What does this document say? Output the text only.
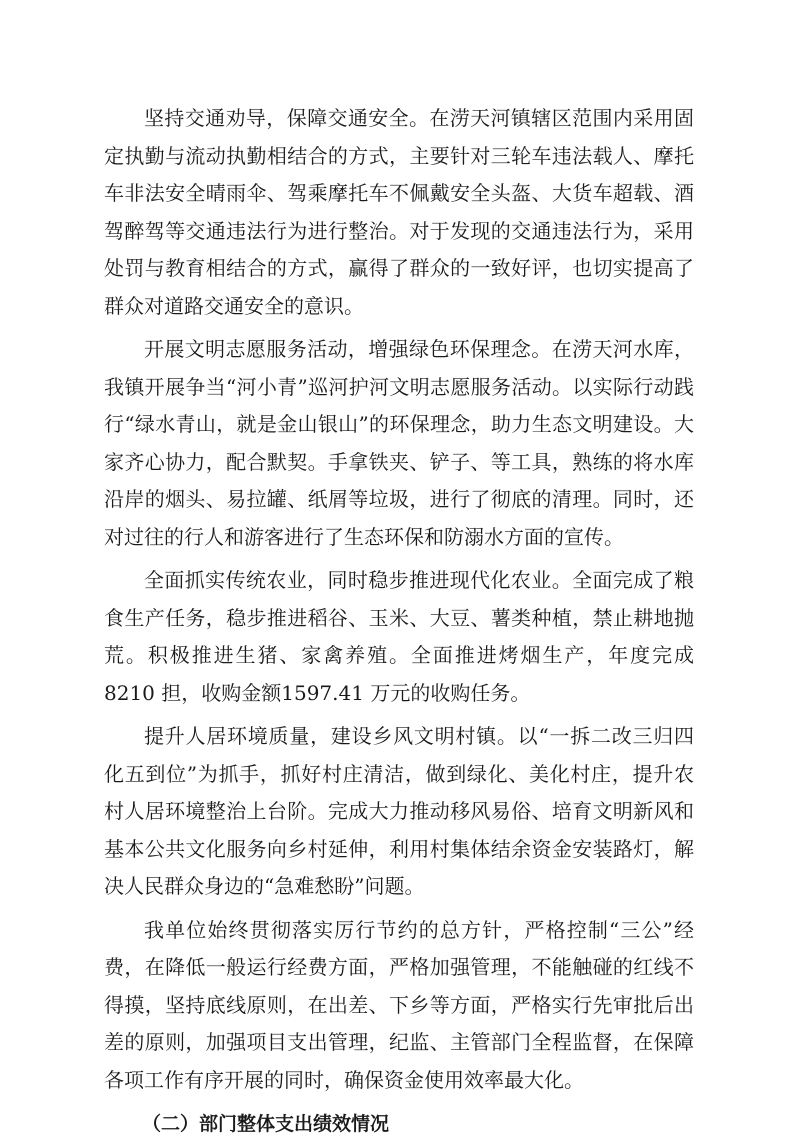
坚持交通劝导，保障交通安全。在涝天河镇辖区范围内采用固定执勤与流动执勤相结合的方式，主要针对三轮车违法载人、摩托车非法安全晴雨伞、驾乘摩托车不佩戴安全头盔、大货车超载、酒驾醉驾等交通违法行为进行整治。对于发现的交通违法行为，采用处罚与教育相结合的方式，赢得了群众的一致好评，也切实提高了群众对道路交通安全的意识。

开展文明志愿服务活动，增强绿色环保理念。在涝天河水库，我镇开展争当“河小青”巡河护河文明志愿服务活动。以实际行动践行“绿水青山，就是金山银山”的环保理念，助力生态文明建设。大家齐心协力，配合默契。手拿铁夹、铲子、等工具，熟练的将水库沿岸的烟头、易拉罐、纸屑等垃圾，进行了彻底的清理。同时，还对过往的行人和游客进行了生态环保和防溺水方面的宣传。

全面抓实传统农业，同时稳步推进现代化农业。全面完成了粮食生产任务，稳步推进稻谷、玉米、大豆、薯类种植，禁止耕地抛荒。积极推进生猪、家禽养殖。全面推进烤烟生产，年度完成 8210 担，收购金额1597.41 万元的收购任务。

提升人居环境质量，建设乡风文明村镇。以“一拆二改三归四化五到位”为抓手，抓好村庄清洁，做到绿化、美化村庄，提升农村人居环境整治上台阶。完成大力推动移风易俗、培育文明新风和基本公共文化服务向乡村延伸，利用村集体结余资金安装路灯，解决人民群众身边的“急难愁盼”问题。

我单位始终贯彻落实厉行节约的总方针，严格控制“三公”经费，在降低一般运行经费方面，严格加强管理，不能触碰的红线不得摸，坚持底线原则，在出差、下乡等方面，严格实行先审批后出差的原则，加强项目支出管理，纪监、主管部门全程监督，在保障各项工作有序开展的同时，确保资金使用效率最大化。

（二）部门整体支出绩效情况
